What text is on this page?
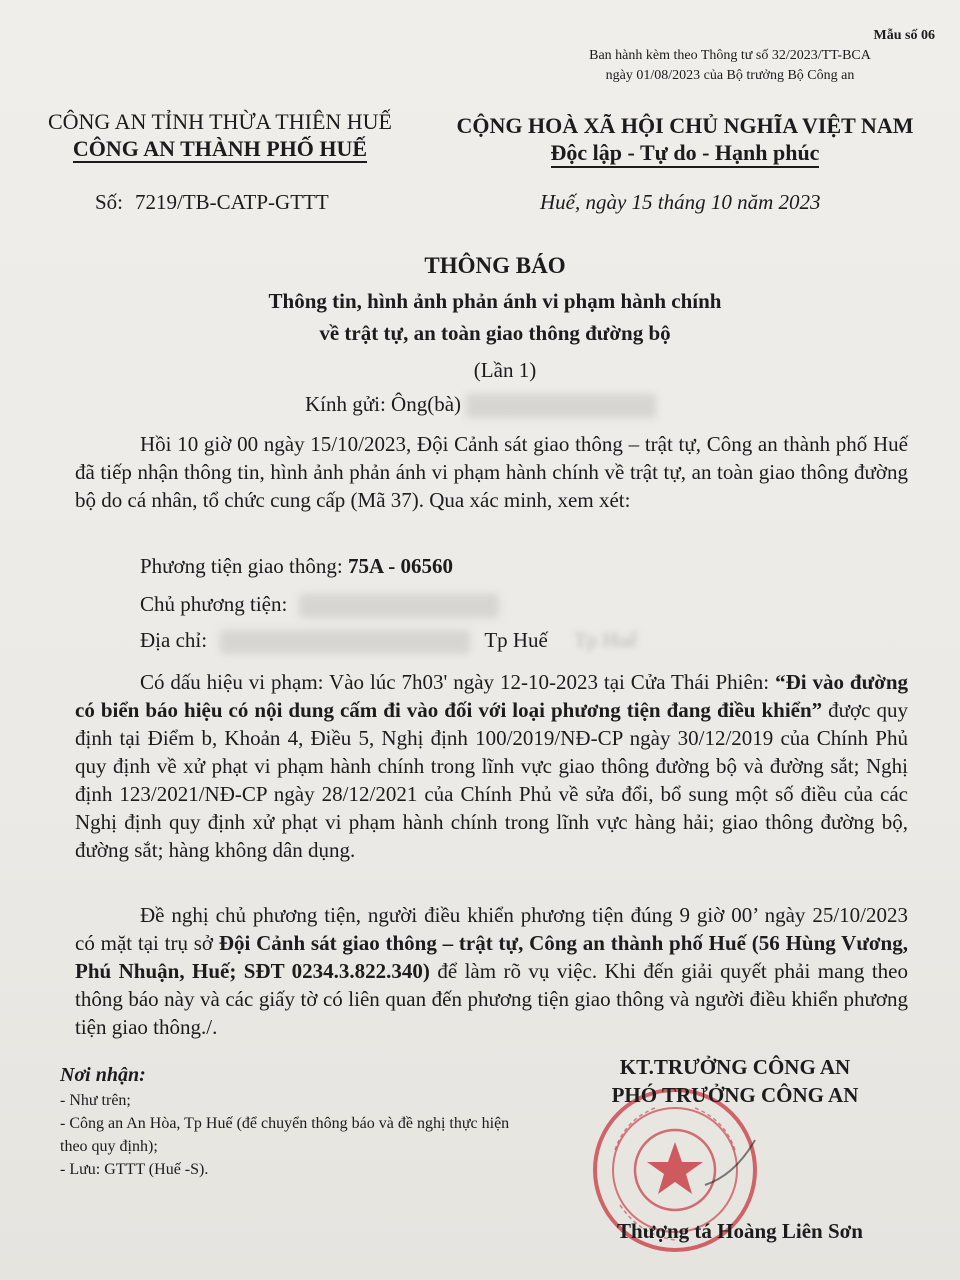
Mẫu số 06
Ban hành kèm theo Thông tư số 32/2023/TT-BCA
ngày 01/08/2023 của Bộ trưởng Bộ Công an
CÔNG AN TỈNH THỪA THIÊN HUẾ
CÔNG AN THÀNH PHỐ HUẾ
CỘNG HOÀ XÃ HỘI CHỦ NGHĨA VIỆT NAM
Độc lập - Tự do - Hạnh phúc
Số: 7219/TB-CATP-GTTT	Huế, ngày 15 tháng 10 năm 2023
THÔNG BÁO
Thông tin, hình ảnh phản ánh vi phạm hành chính
về trật tự, an toàn giao thông đường bộ
(Lần 1)
Kính gửi: Ông(bà)
Hồi 10 giờ 00 ngày 15/10/2023, Đội Cảnh sát giao thông – trật tự, Công an thành phố Huế đã tiếp nhận thông tin, hình ảnh phản ánh vi phạm hành chính về trật tự, an toàn giao thông đường bộ do cá nhân, tổ chức cung cấp (Mã 37). Qua xác minh, xem xét:
Phương tiện giao thông: 75A - 06560
Chủ phương tiện:
Địa chỉ:	Tp Huế Tp Huế
Có dấu hiệu vi phạm: Vào lúc 7h03' ngày 12-10-2023 tại Cửa Thái Phiên: “Đi vào đường có biển báo hiệu có nội dung cấm đi vào đối với loại phương tiện đang điều khiển” được quy định tại Điểm b, Khoản 4, Điều 5, Nghị định 100/2019/NĐ-CP ngày 30/12/2019 của Chính Phủ quy định về xử phạt vi phạm hành chính trong lĩnh vực giao thông đường bộ và đường sắt; Nghị định 123/2021/NĐ-CP ngày 28/12/2021 của Chính Phủ về sửa đổi, bổ sung một số điều của các Nghị định quy định xử phạt vi phạm hành chính trong lĩnh vực hàng hải; giao thông đường bộ, đường sắt; hàng không dân dụng.
Đề nghị chủ phương tiện, người điều khiển phương tiện đúng 9 giờ 00’ ngày 25/10/2023 có mặt tại trụ sở Đội Cảnh sát giao thông – trật tự, Công an thành phố Huế (56 Hùng Vương, Phú Nhuận, Huế; SĐT 0234.3.822.340) để làm rõ vụ việc. Khi đến giải quyết phải mang theo thông báo này và các giấy tờ có liên quan đến phương tiện giao thông và người điều khiển phương tiện giao thông./.
Nơi nhận:
- Như trên;
- Công an An Hòa, Tp Huế (để chuyển thông báo và đề nghị thực hiện theo quy định);
- Lưu: GTTT (Huế -S).
KT.TRƯỞNG CÔNG AN
PHÓ TRƯỞNG CÔNG AN
Thượng tá Hoàng Liên Sơn
